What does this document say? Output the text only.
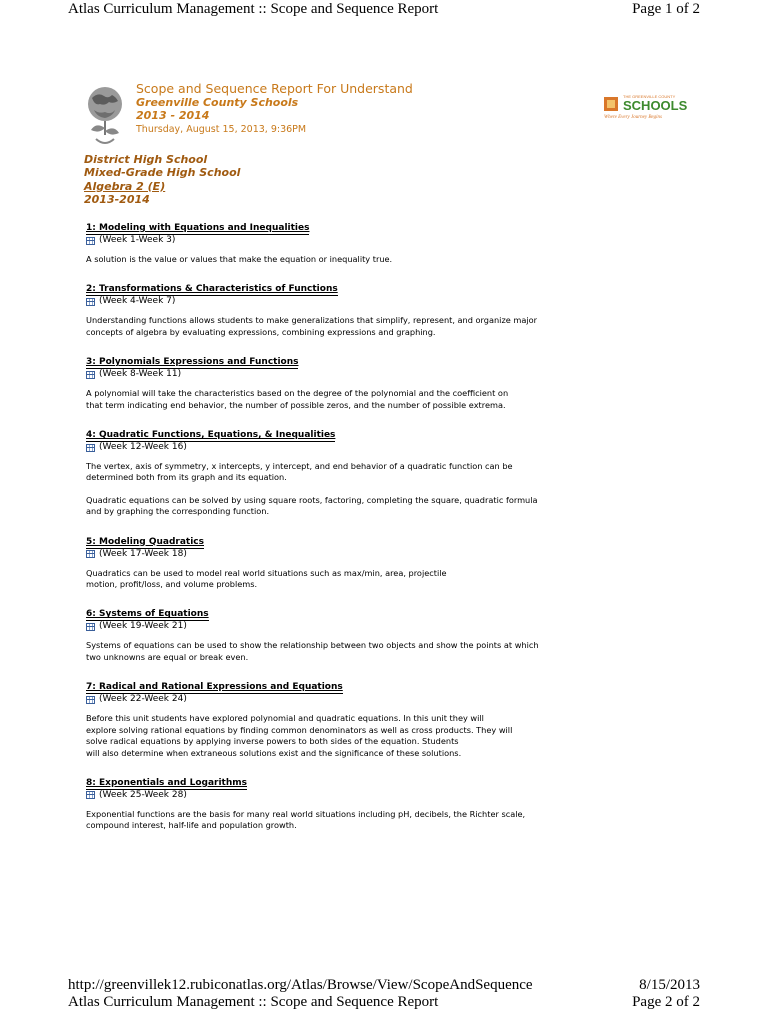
Atlas Curriculum Management :: Scope and Sequence Report	Page 1 of 2
Scope and Sequence Report For Understand
Greenville County Schools
2013 - 2014
Thursday, August 15, 2013, 9:36PM
THE GREENVILLE COUNTY
SCHOOLS
Where Every Journey Begins
District High School
Mixed-Grade High School
Algebra 2 (E)
2013-2014
1: Modeling with Equations and Inequalities
(Week 1-Week 3)
A solution is the value or values that make the equation or inequality true.
2: Transformations & Characteristics of Functions
(Week 4-Week 7)
Understanding functions allows students to make generalizations that simplify, represent, and organize major
concepts of algebra by evaluating expressions, combining expressions and graphing.
3: Polynomials Expressions and Functions
(Week 8-Week 11)
A polynomial will take the characteristics based on the degree of the polynomial and the coefficient on
that term indicating end behavior, the number of possible zeros, and the number of possible extrema.
4: Quadratic Functions, Equations, & Inequalities
(Week 12-Week 16)
The vertex, axis of symmetry, x intercepts, y intercept, and end behavior of a quadratic function can be
determined both from its graph and its equation.
Quadratic equations can be solved by using square roots, factoring, completing the square, quadratic formula
and by graphing the corresponding function.
5: Modeling Quadratics
(Week 17-Week 18)
Quadratics can be used to model real world situations such as max/min, area, projectile
motion, profit/loss, and volume problems.
6: Systems of Equations
(Week 19-Week 21)
Systems of equations can be used to show the relationship between two objects and show the points at which
two unknowns are equal or break even.
7: Radical and Rational Expressions and Equations
(Week 22-Week 24)
Before this unit students have explored polynomial and quadratic equations. In this unit they will
explore solving rational equations by finding common denominators as well as cross products. They will
solve radical equations by applying inverse powers to both sides of the equation. Students
will also determine when extraneous solutions exist and the significance of these solutions.
8: Exponentials and Logarithms
(Week 25-Week 28)
Exponential functions are the basis for many real world situations including pH, decibels, the Richter scale,
compound interest, half-life and population growth.
http://greenvillek12.rubiconatlas.org/Atlas/Browse/View/ScopeAndSequence	8/15/2013
Atlas Curriculum Management :: Scope and Sequence Report	Page 2 of 2
